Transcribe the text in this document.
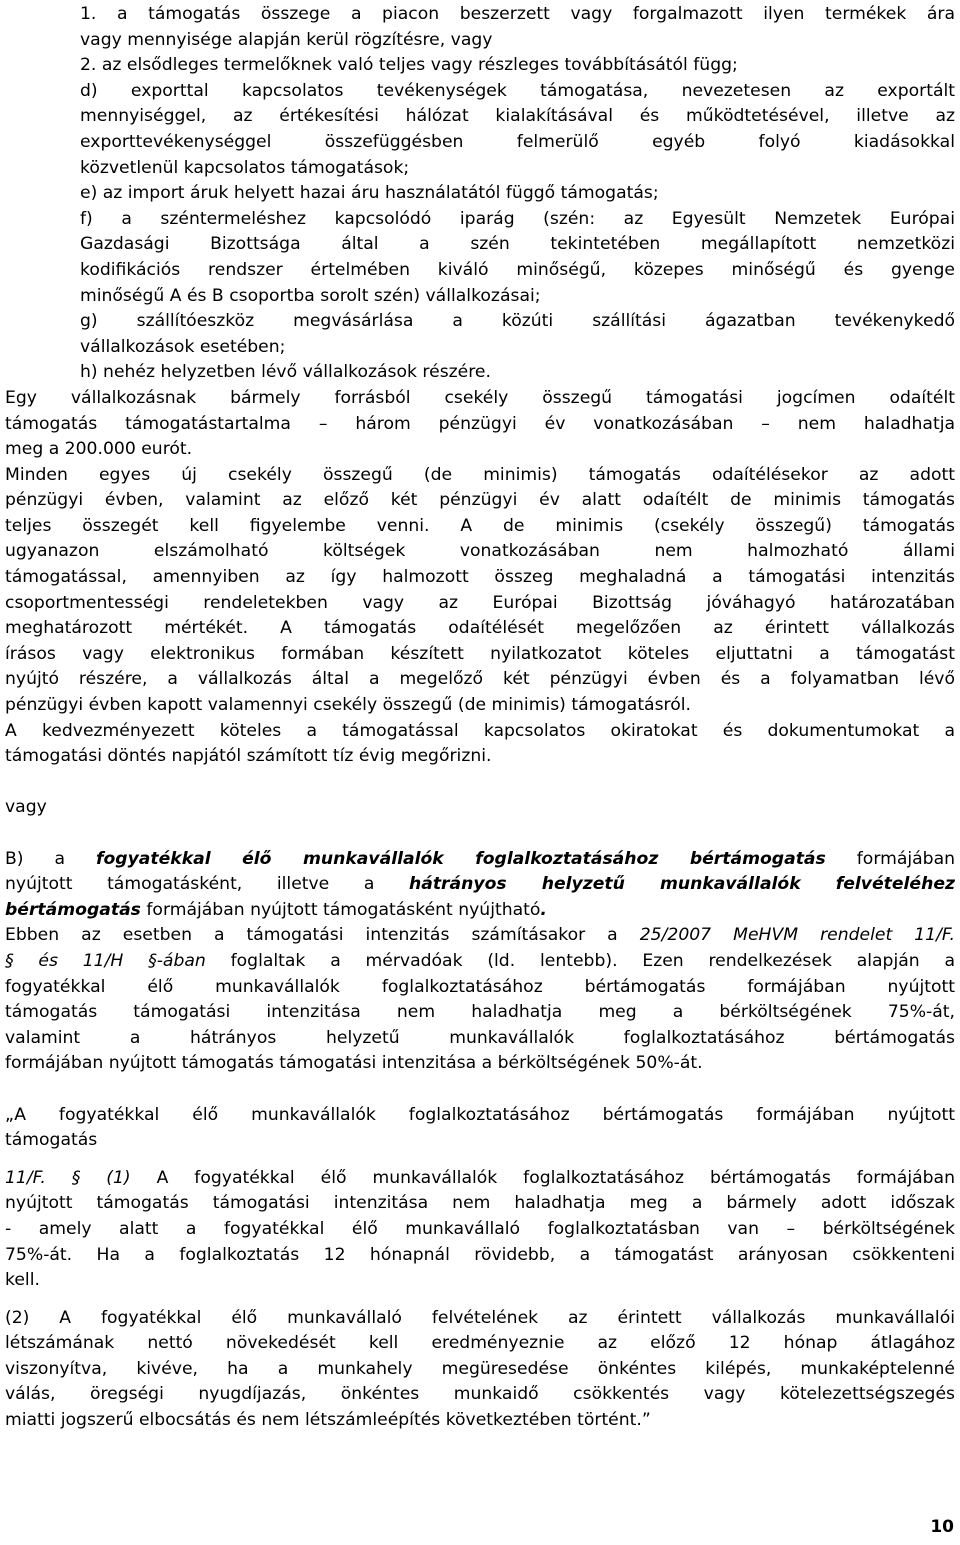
1. a támogatás összege a piacon beszerzett vagy forgalmazott ilyen termékek ára
vagy mennyisége alapján kerül rögzítésre, vagy
2. az elsődleges termelőknek való teljes vagy részleges továbbításától függ;
d) exporttal kapcsolatos tevékenységek támogatása, nevezetesen az exportált
mennyiséggel, az értékesítési hálózat kialakításával és működtetésével, illetve az
exporttevékenységgel összefüggésben felmerülő egyéb folyó kiadásokkal
közvetlenül kapcsolatos támogatások;
e) az import áruk helyett hazai áru használatától függő támogatás;
f) a széntermeléshez kapcsolódó iparág (szén: az Egyesült Nemzetek Európai
Gazdasági Bizottsága által a szén tekintetében megállapított nemzetközi
kodifikációs rendszer értelmében kiváló minőségű, közepes minőségű és gyenge
minőségű A és B csoportba sorolt szén) vállalkozásai;
g) szállítóeszköz megvásárlása a közúti szállítási ágazatban tevékenykedő
vállalkozások esetében;
h) nehéz helyzetben lévő vállalkozások részére.
Egy vállalkozásnak bármely forrásból csekély összegű támogatási jogcímen odaítélt
támogatás támogatástartalma – három pénzügyi év vonatkozásában – nem haladhatja
meg a 200.000 eurót.
Minden egyes új csekély összegű (de minimis) támogatás odaítélésekor az adott
pénzügyi évben, valamint az előző két pénzügyi év alatt odaítélt de minimis támogatás
teljes összegét kell figyelembe venni. A de minimis (csekély összegű) támogatás
ugyanazon elszámolható költségek vonatkozásában nem halmozható állami
támogatással, amennyiben az így halmozott összeg meghaladná a támogatási intenzitás
csoportmentességi rendeletekben vagy az Európai Bizottság jóváhagyó határozatában
meghatározott mértékét. A támogatás odaítélését megelőzően az érintett vállalkozás
írásos vagy elektronikus formában készített nyilatkozatot köteles eljuttatni a támogatást
nyújtó részére, a vállalkozás által a megelőző két pénzügyi évben és a folyamatban lévő
pénzügyi évben kapott valamennyi csekély összegű (de minimis) támogatásról.
A kedvezményezett köteles a támogatással kapcsolatos okiratokat és dokumentumokat a
támogatási döntés napjától számított tíz évig megőrizni.
vagy
B) a fogyatékkal élő munkavállalók foglalkoztatásához bértámogatás formájában
nyújtott támogatásként, illetve a hátrányos helyzetű munkavállalók felvételéhez
bértámogatás formájában nyújtott támogatásként nyújtható.
Ebben az esetben a támogatási intenzitás számításakor a 25/2007 MeHVM rendelet 11/F.
§ és 11/H §-ában foglaltak a mérvadóak (ld. lentebb). Ezen rendelkezések alapján a
fogyatékkal élő munkavállalók foglalkoztatásához bértámogatás formájában nyújtott
támogatás támogatási intenzitása nem haladhatja meg a bérköltségének 75%-át,
valamint a hátrányos helyzetű munkavállalók foglalkoztatásához bértámogatás
formájában nyújtott támogatás támogatási intenzitása a bérköltségének 50%-át.
„A fogyatékkal élő munkavállalók foglalkoztatásához bértámogatás formájában nyújtott
támogatás
11/F. § (1) A fogyatékkal élő munkavállalók foglalkoztatásához bértámogatás formájában
nyújtott támogatás támogatási intenzitása nem haladhatja meg a bármely adott időszak
- amely alatt a fogyatékkal élő munkavállaló foglalkoztatásban van – bérköltségének
75%-át. Ha a foglalkoztatás 12 hónapnál rövidebb, a támogatást arányosan csökkenteni
kell.
(2) A fogyatékkal élő munkavállaló felvételének az érintett vállalkozás munkavállalói
létszámának nettó növekedését kell eredményeznie az előző 12 hónap átlagához
viszonyítva, kivéve, ha a munkahely megüresedése önkéntes kilépés, munkaképtelenné
válás, öregségi nyugdíjazás, önkéntes munkaidő csökkentés vagy kötelezettségszegés
miatti jogszerű elbocsátás és nem létszámleépítés következtében történt.”
10
